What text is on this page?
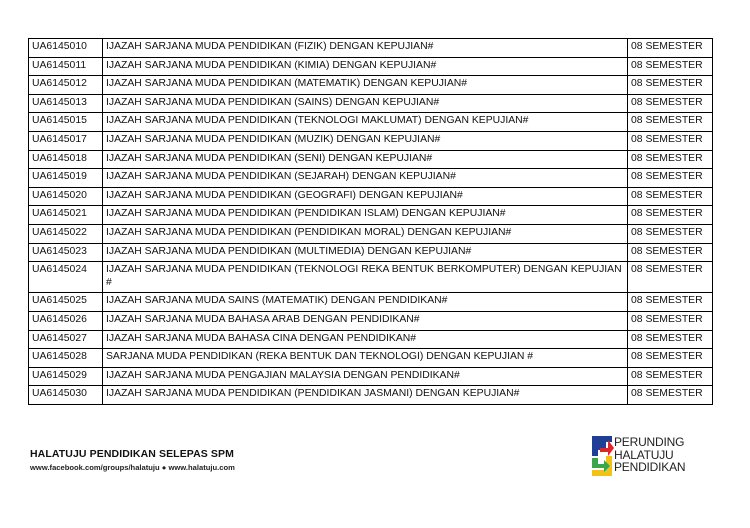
UA6145010	IJAZAH SARJANA MUDA PENDIDIKAN (FIZIK) DENGAN KEPUJIAN#	08 SEMESTER
UA6145011	IJAZAH SARJANA MUDA PENDIDIKAN (KIMIA) DENGAN KEPUJIAN#	08 SEMESTER
UA6145012	IJAZAH SARJANA MUDA PENDIDIKAN (MATEMATIK) DENGAN KEPUJIAN#	08 SEMESTER
UA6145013	IJAZAH SARJANA MUDA PENDIDIKAN (SAINS) DENGAN KEPUJIAN#	08 SEMESTER
UA6145015	IJAZAH SARJANA MUDA PENDIDIKAN (TEKNOLOGI MAKLUMAT) DENGAN KEPUJIAN#	08 SEMESTER
UA6145017	IJAZAH SARJANA MUDA PENDIDIKAN (MUZIK) DENGAN KEPUJIAN#	08 SEMESTER
UA6145018	IJAZAH SARJANA MUDA PENDIDIKAN (SENI) DENGAN KEPUJIAN#	08 SEMESTER
UA6145019	IJAZAH SARJANA MUDA PENDIDIKAN (SEJARAH) DENGAN KEPUJIAN#	08 SEMESTER
UA6145020	IJAZAH SARJANA MUDA PENDIDIKAN (GEOGRAFI) DENGAN KEPUJIAN#	08 SEMESTER
UA6145021	IJAZAH SARJANA MUDA PENDIDIKAN (PENDIDIKAN ISLAM) DENGAN KEPUJIAN#	08 SEMESTER
UA6145022	IJAZAH SARJANA MUDA PENDIDIKAN (PENDIDIKAN MORAL) DENGAN KEPUJIAN#	08 SEMESTER
UA6145023	IJAZAH SARJANA MUDA PENDIDIKAN (MULTIMEDIA) DENGAN KEPUJIAN#	08 SEMESTER
UA6145024	IJAZAH SARJANA MUDA PENDIDIKAN (TEKNOLOGI REKA BENTUK BERKOMPUTER) DENGAN KEPUJIAN #	08 SEMESTER
UA6145025	IJAZAH SARJANA MUDA SAINS (MATEMATIK) DENGAN PENDIDIKAN#	08 SEMESTER
UA6145026	IJAZAH SARJANA MUDA BAHASA ARAB DENGAN PENDIDIKAN#	08 SEMESTER
UA6145027	IJAZAH SARJANA MUDA BAHASA CINA DENGAN PENDIDIKAN#	08 SEMESTER
UA6145028	SARJANA MUDA PENDIDIKAN (REKA BENTUK DAN TEKNOLOGI) DENGAN KEPUJIAN #	08 SEMESTER
UA6145029	IJAZAH SARJANA MUDA PENGAJIAN MALAYSIA DENGAN PENDIDIKAN#	08 SEMESTER
UA6145030	IJAZAH SARJANA MUDA PENDIDIKAN (PENDIDIKAN JASMANI) DENGAN KEPUJIAN#	08 SEMESTER
HALATUJU PENDIDIKAN SELEPAS SPM
www.facebook.com/groups/halatuju ● www.halatuju.com
PERUNDING
HALATUJU
PENDIDIKAN
